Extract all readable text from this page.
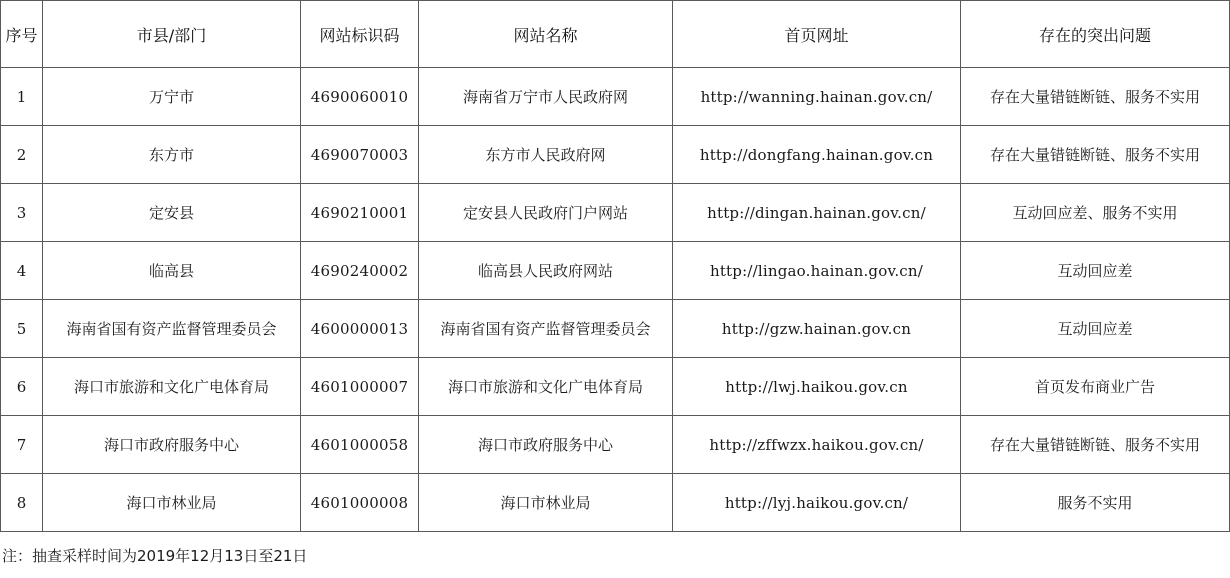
序号	市县/部门	网站标识码	网站名称	首页网址	存在的突出问题
1	万宁市	4690060010	海南省万宁市人民政府网	http://wanning.hainan.gov.cn/	存在大量错链断链、服务不实用
2	东方市	4690070003	东方市人民政府网	http://dongfang.hainan.gov.cn	存在大量错链断链、服务不实用
3	定安县	4690210001	定安县人民政府门户网站	http://dingan.hainan.gov.cn/	互动回应差、服务不实用
4	临高县	4690240002	临高县人民政府网站	http://lingao.hainan.gov.cn/	互动回应差
5	海南省国有资产监督管理委员会	4600000013	海南省国有资产监督管理委员会	http://gzw.hainan.gov.cn	互动回应差
6	海口市旅游和文化广电体育局	4601000007	海口市旅游和文化广电体育局	http://lwj.haikou.gov.cn	首页发布商业广告
7	海口市政府服务中心	4601000058	海口市政府服务中心	http://zffwzx.haikou.gov.cn/	存在大量错链断链、服务不实用
8	海口市林业局	4601000008	海口市林业局	http://lyj.haikou.gov.cn/	服务不实用
注：抽查采样时间为2019年12月13日至21日
